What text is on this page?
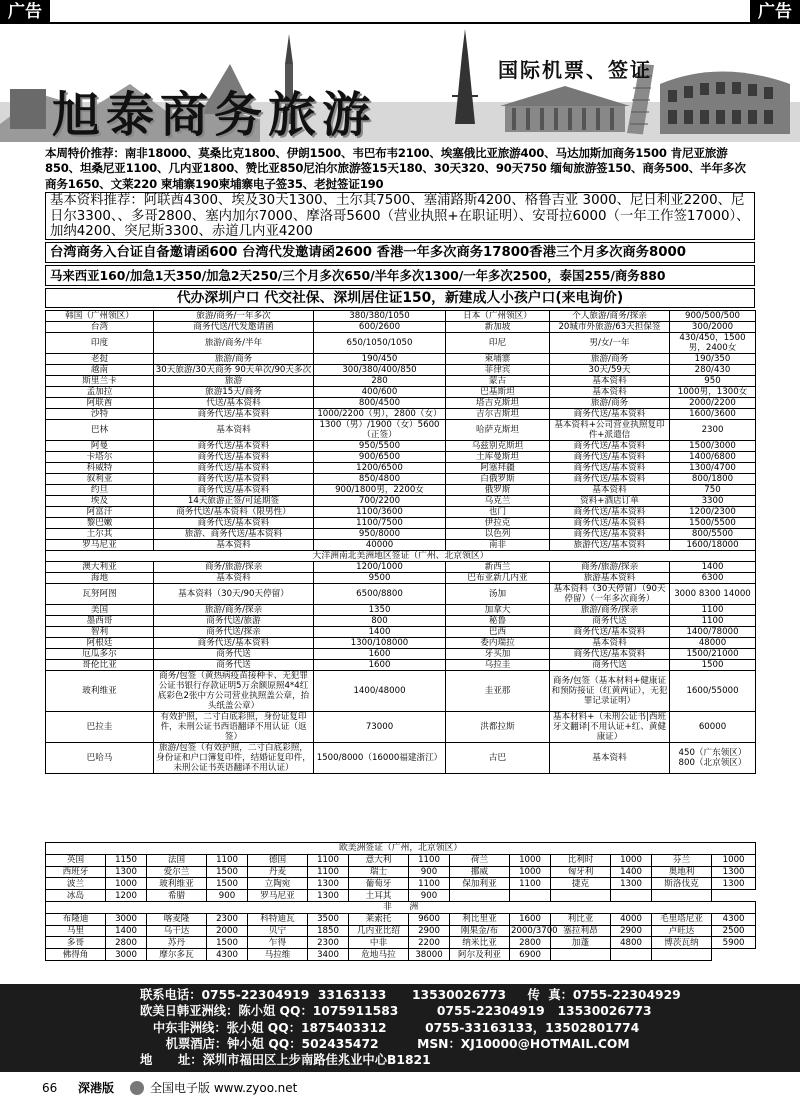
广告	广告
旭泰商务旅游
国际机票、签证
本周特价推荐：南非18000、莫桑比克1800、伊朗1500、韦巴布韦2100、埃塞俄比亚旅游400、马达加斯加商务1500 肯尼亚旅游850、坦桑尼亚1100、几内亚1800、赞比亚850尼泊尔旅游签15天180、30天320、90天750 缅甸旅游签150、商务500、半年多次商务1650、文莱220 柬埔寨190柬埔寨电子签35、老挝签证190
基本资料推荐：阿联酋4300、埃及30天1300、土尔其7500、塞浦路斯4200、格鲁吉亚 3000、尼日利亚2200、尼日尔3300、、多哥2800、塞内加尔7000、摩洛哥5600（营业执照+在职证明）、安哥拉6000（一年工作签17000）、加纳4200、突尼斯3300、赤道几内亚4200
台湾商务入台证自备邀请函600 台湾代发邀请函2600 香港一年多次商务17800香港三个月多次商务8000
马来西亚160/加急1天350/加急2天250/三个月多次650/半年多次1300/一年多次2500，泰国255/商务880
代办深圳户口 代交社保、深圳居住证150，新建成人小孩户口(来电询价)
韩国（广州领区）	旅游/商务/一年多次	380/380/1050	日本（广州领区）	个人旅游/商务/探亲	900/500/500
台湾	商务代送/代发邀请函	600/2600	新加坡	20城市外旅游/63天担保签	300/2000
印度	旅游/商务/半年	650/1050/1050	印尼	男/女/一年	430/450，1500男，2400女
老挝	旅游/商务	190/450	柬埔寨	旅游/商务	190/350
越南	30天旅游/30天商务 90天单次/90天多次	300/380/400/850	菲律宾	30天/59天	280/430
斯里兰卡	旅游	280	蒙古	基本资料	950
孟加拉	旅游15天/商务	400/600	巴基斯坦	基本资料	1000男，1300女
阿联酋	代送/基本资料	800/4500	塔吉克斯坦	旅游/商务	2000/2200
沙特	商务代送/基本资料	1000/2200（男），2800（女）	吉尔吉斯坦	商务代送/基本资料	1600/3600
巴林	基本资料	1300（男）/1900（女）5600（正签）	哈萨克斯坦	基本资料+公司营业执照复印件+派遣信	2300
阿曼	商务代送/基本资料	950/5500	乌兹别克斯坦	商务代送/基本资料	1500/3000
卡塔尔	商务代送/基本资料	900/6500	土库曼斯坦	商务代送/基本资料	1400/6800
科威特	商务代送/基本资料	1200/6500	阿塞拜疆	商务代送/基本资料	1300/4700
叙利亚	商务代送/基本资料	850/4800	白俄罗斯	商务代送/基本资料	800/1800
约旦	商务代送/基本资料	900/1800男，2200女	俄罗斯	基本资料	750
埃及	14天旅游正签/可延期签	700/2200	乌克兰	资料+酒店订单	3300
阿富汗	商务代送/基本资料（限男性）	1100/3600	也门	商务代送/基本资料	1200/2300
黎巴嫩	商务代送/基本资料	1100/7500	伊拉克	商务代送/基本资料	1500/5500
土尔其	旅游、商务代送/基本资料	950/8000	以色列	商务代送/基本资料	800/5500
罗马尼亚	基本资料	40000	南非	旅游代送/基本资料	1600/18000
大洋洲南北美洲地区签证（广州、北京领区）					
澳大利亚	商务/旅游/探亲	1200/1000	新西兰	商务/旅游/探亲	1400
海地	基本资料	9500	巴布亚新几内亚	旅游基本资料	6300
瓦努阿图	基本资料（30天/90天停留）	6500/8800	汤加	基本资料（30天停留）（90天停留）（一年多次商务）	3000 8300 14000
美国	旅游/商务/探亲	1350	加拿大	旅游/商务/探亲	1100
墨西哥	商务代送/旅游	800	秘鲁	商务代送	1100
智利	商务代送/探亲	1400	巴西	商务代送/基本资料	1400/78000
阿根廷	商务代送/基本资料	1300/108000	委内瑞拉	基本资料	48000
厄瓜多尔	商务代送	1600	牙买加	商务代送/基本资料	1500/21000
哥伦比亚	商务代送	1600	乌拉圭	商务代送	1500
玻利维亚	商务/包签（黄热病疫苗接种卡、无犯罪公证书银行存款证明5万余额原照4*4红底彩色2张中方公司营业执照盖公章，抬头纸盖公章）	1400/48000	圭亚那	商务/包签（基本材料+健康证和预防接证（红黄两证），无犯罪记录证明）	1600/55000
巴拉圭	有效护照，二寸白底彩照，身份证复印件，未刑公证书西语翻译不用认证（返签）	73000	洪都拉斯	基本材料+（未刑公证书|西班牙文翻译|不用认证+红、黄健康证）	60000
巴哈马	旅游/包签（有效护照，二寸白底彩照，身份证和户口簿复印件，结婚证复印件，未刑公证书英语翻译不用认证）	1500/8000（16000福建浙江）	古巴	基本资料	450（广东领区）800（北京领区）
欧美洲签证（广州，北京领区）													
英国	1150	法国	1100	德国	1100	意大利	1100	荷兰	1000	比利时	1000	芬兰	1000
西班牙	1300	爱尔兰	1500	丹麦	1100	瑞士	900	挪威	1000	匈牙利	1400	奥地利	1300
波兰	1000	玻利维亚	1500	立陶宛	1300	葡萄牙	1100	保加利亚	1100	捷克	1300	斯洛伐克	1300
冰岛	1200	希腊	900	罗马尼亚	1300	土耳其	900						
非　　洲													
布隆迪	3000	喀麦隆	2300	科特迪瓦	3500	莱索托	9600	利比里亚	1600	利比亚	4000	毛里塔尼亚	4300
马里	1400	乌干达	2000	贝宁	1850	几内亚比绍	2900	刚果金/布	2000/3700	塞拉利昂	2900	卢旺达	2500
多哥	2800	苏丹	1500	乍得	2300	中非	2200	纳米比亚	2800	加蓬	4800	博茨瓦纳	5900
佛得角	3000	摩尔多瓦	4300	马拉维	3400	危地马拉	38000	阿尔及利亚	6900				
联系电话：0755-22304919  33163133      13530026773     传  真：0755-22304929
欧美日韩亚洲线：陈小姐 QQ：1075911583         0755-22304919   13530026773
中东非洲线：张小姐 QQ：1875403312         0755-33163133，13502801774
机票酒店：钟小姐 QQ：502435472         MSN：XJ10000@HOTMAIL.COM
地      址：深圳市福田区上步南路佳兆业中心B1821
66 深港版	全国电子版 www.zyoo.net
